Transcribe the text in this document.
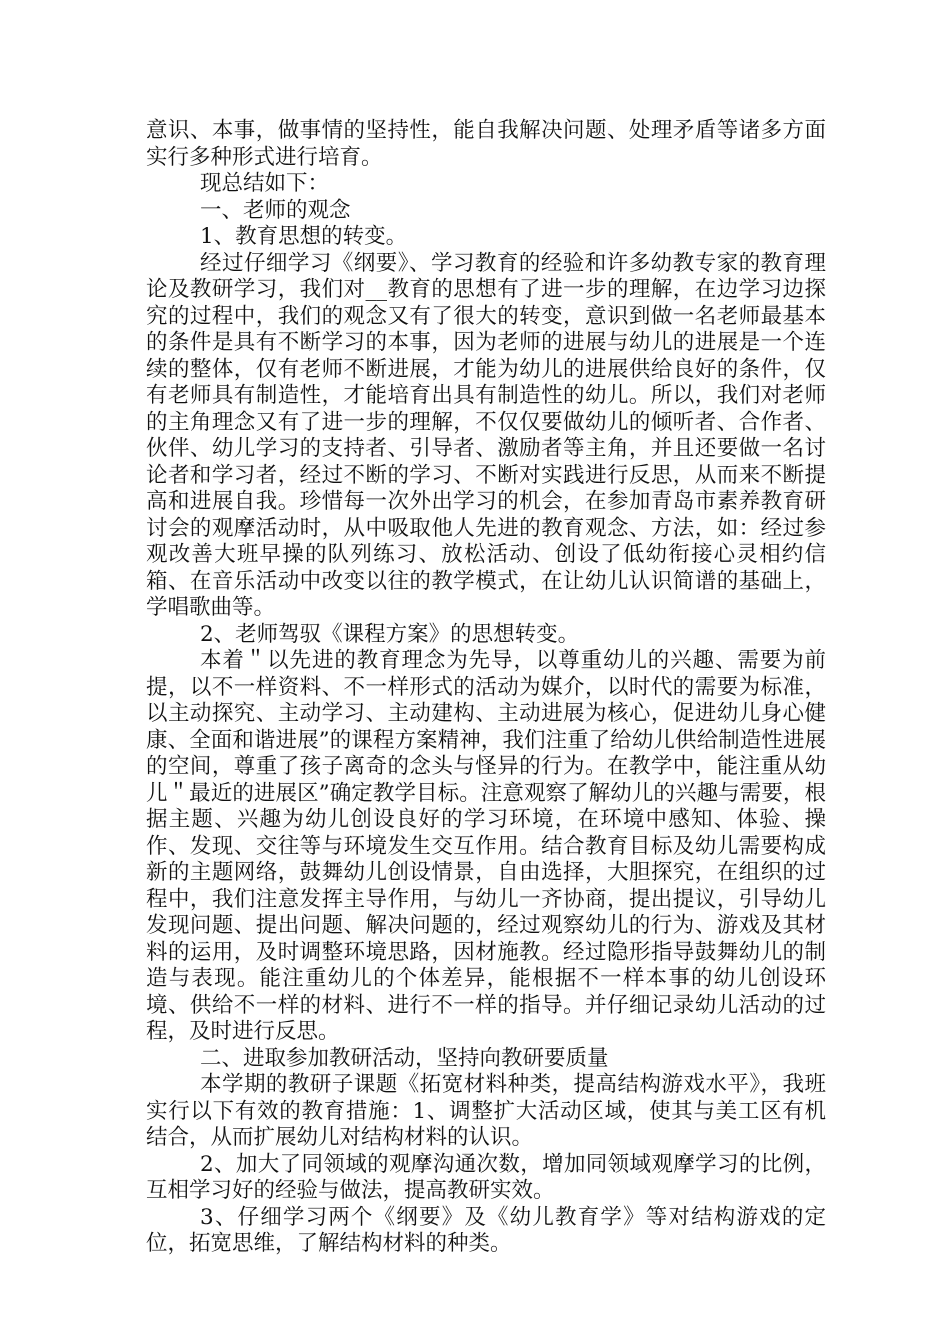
意识、本事，做事情的坚持性，能自我解决问题、处理矛盾等诸多方面实行多种形式进行培育。

现总结如下：

一、老师的观念

1、教育思想的转变。

经过仔细学习《纲要》、学习教育的经验和许多幼教专家的教育理论及教研学习，我们对__教育的思想有了进一步的理解，在边学习边探究的过程中，我们的观念又有了很大的转变，意识到做一名老师最基本的条件是具有不断学习的本事，因为老师的进展与幼儿的进展是一个连续的整体，仅有老师不断进展，才能为幼儿的进展供给良好的条件，仅有老师具有制造性，才能培育出具有制造性的幼儿。所以，我们对老师的主角理念又有了进一步的理解，不仅仅要做幼儿的倾听者、合作者、伙伴、幼儿学习的支持者、引导者、激励者等主角，并且还要做一名讨论者和学习者，经过不断的学习、不断对实践进行反思，从而来不断提高和进展自我。珍惜每一次外出学习的机会，在参加青岛市素养教育研讨会的观摩活动时，从中吸取他人先进的教育观念、方法，如：经过参观改善大班早操的队列练习、放松活动、创设了低幼衔接心灵相约信箱、在音乐活动中改变以往的教学模式，在让幼儿认识简谱的基础上，学唱歌曲等。

2、老师驾驭《课程方案》的思想转变。

本着＂以先进的教育理念为先导，以尊重幼儿的兴趣、需要为前提，以不一样资料、不一样形式的活动为媒介，以时代的需要为标准，以主动探究、主动学习、主动建构、主动进展为核心，促进幼儿身心健康、全面和谐进展”的课程方案精神，我们注重了给幼儿供给制造性进展的空间，尊重了孩子离奇的念头与怪异的行为。在教学中，能注重从幼儿＂最近的进展区”确定教学目标。注意观察了解幼儿的兴趣与需要，根据主题、兴趣为幼儿创设良好的学习环境，在环境中感知、体验、操作、发现、交往等与环境发生交互作用。结合教育目标及幼儿需要构成新的主题网络，鼓舞幼儿创设情景，自由选择，大胆探究，在组织的过程中，我们注意发挥主导作用，与幼儿一齐协商，提出提议，引导幼儿发现问题、提出问题、解决问题的，经过观察幼儿的行为、游戏及其材料的运用，及时调整环境思路，因材施教。经过隐形指导鼓舞幼儿的制造与表现。能注重幼儿的个体差异，能根据不一样本事的幼儿创设环境、供给不一样的材料、进行不一样的指导。并仔细记录幼儿活动的过程，及时进行反思。

二、进取参加教研活动，坚持向教研要质量

本学期的教研子课题《拓宽材料种类，提高结构游戏水平》，我班实行以下有效的教育措施：1、调整扩大活动区域，使其与美工区有机结合，从而扩展幼儿对结构材料的认识。

2、加大了同领域的观摩沟通次数，增加同领域观摩学习的比例，互相学习好的经验与做法，提高教研实效。

3、仔细学习两个《纲要》及《幼儿教育学》等对结构游戏的定位，拓宽思维，了解结构材料的种类。
